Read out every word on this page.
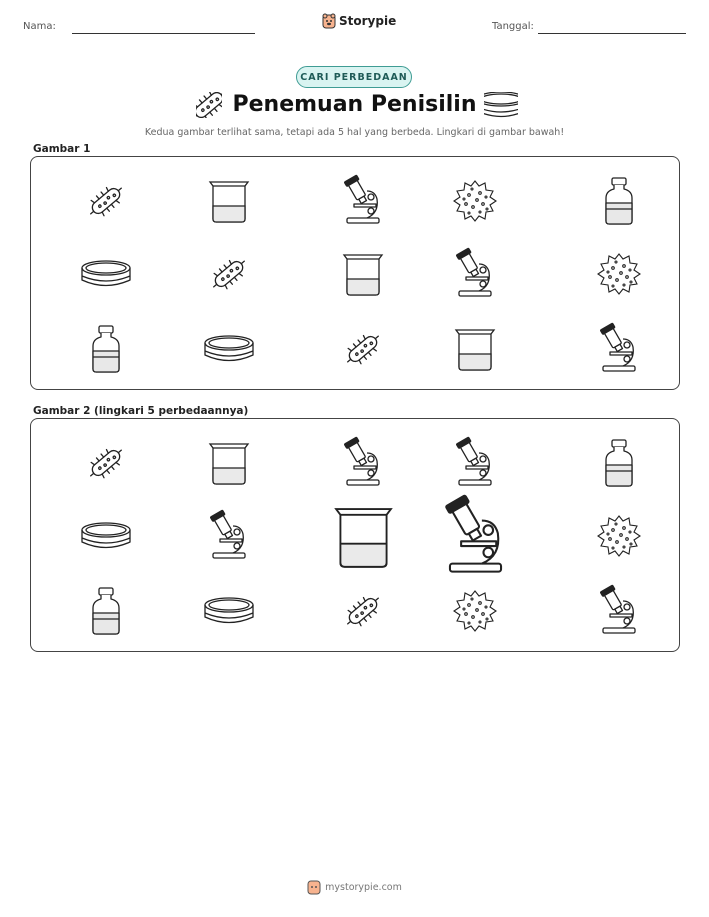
Nama:	Storypie	Tanggal:
CARI PERBEDAAN
Penemuan Penisilin
Kedua gambar terlihat sama, tetapi ada 5 hal yang berbeda. Lingkari di gambar bawah!
Gambar 1
Gambar 2 (lingkari 5 perbedaannya)
mystorypie.com
